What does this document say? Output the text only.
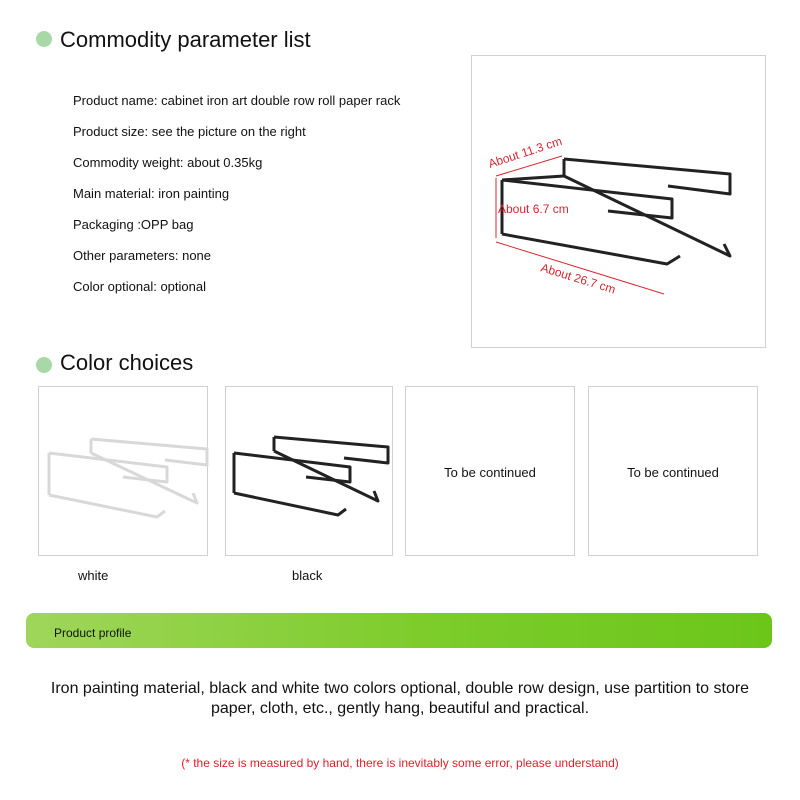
Commodity parameter list
Product name: cabinet iron art double row roll paper rack
Product size: see the picture on the right
Commodity weight: about 0.35kg
Main material: iron painting
Packaging :OPP bag
Other parameters: none
Color optional: optional
About 11.3 cm
About 6.7 cm
About 26.7 cm
Color choices
To be continued	To be continued
white	black
Product profile
Iron painting material, black and white two colors optional, double row design, use partition to store paper, cloth, etc., gently hang, beautiful and practical.
(* the size is measured by hand, there is inevitably some error, please understand)
